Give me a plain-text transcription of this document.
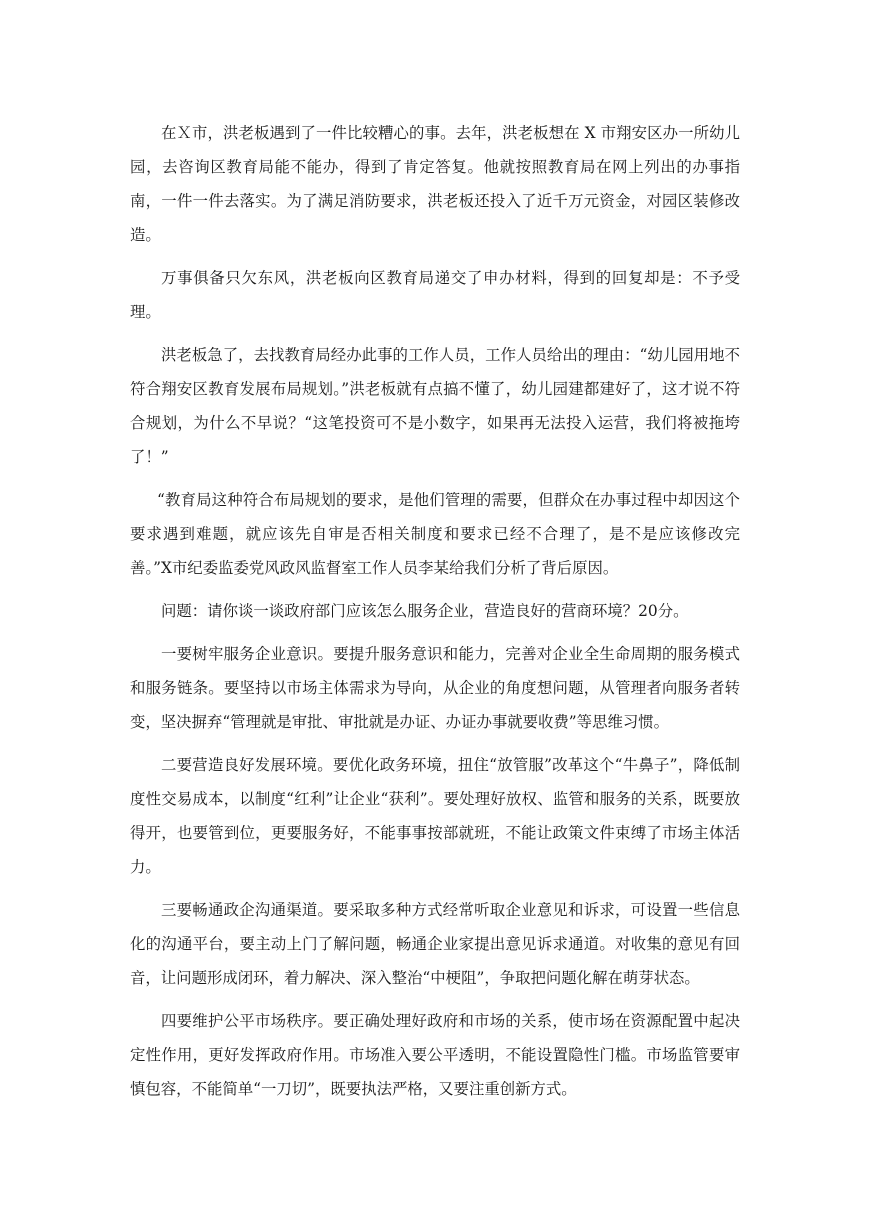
在Ｘ市，洪老板遇到了一件比较糟心的事。去年，洪老板想在 X 市翔安区办一所幼儿园，去咨询区教育局能不能办，得到了肯定答复。他就按照教育局在网上列出的办事指南，一件一件去落实。为了满足消防要求，洪老板还投入了近千万元资金，对园区装修改造。

万事俱备只欠东风，洪老板向区教育局递交了申办材料，得到的回复却是：不予受理。

洪老板急了，去找教育局经办此事的工作人员，工作人员给出的理由：“幼儿园用地不符合翔安区教育发展布局规划。”洪老板就有点搞不懂了，幼儿园建都建好了，这才说不符合规划，为什么不早说？“这笔投资可不是小数字，如果再无法投入运营，我们将被拖垮了！”

“教育局这种符合布局规划的要求，是他们管理的需要，但群众在办事过程中却因这个要求遇到难题，就应该先自审是否相关制度和要求已经不合理了，是不是应该修改完善。”X市纪委监委党风政风监督室工作人员李某给我们分析了背后原因。

问题：请你谈一谈政府部门应该怎么服务企业，营造良好的营商环境？20分。

一要树牢服务企业意识。要提升服务意识和能力，完善对企业全生命周期的服务模式和服务链条。要坚持以市场主体需求为导向，从企业的角度想问题，从管理者向服务者转变，坚决摒弃“管理就是审批、审批就是办证、办证办事就要收费”等思维习惯。

二要营造良好发展环境。要优化政务环境，扭住“放管服”改革这个“牛鼻子”，降低制度性交易成本，以制度“红利”让企业“获利”。要处理好放权、监管和服务的关系，既要放得开，也要管到位，更要服务好，不能事事按部就班，不能让政策文件束缚了市场主体活力。

三要畅通政企沟通渠道。要采取多种方式经常听取企业意见和诉求，可设置一些信息化的沟通平台，要主动上门了解问题，畅通企业家提出意见诉求通道。对收集的意见有回音，让问题形成闭环，着力解决、深入整治“中梗阻”，争取把问题化解在萌芽状态。

四要维护公平市场秩序。要正确处理好政府和市场的关系，使市场在资源配置中起决定性作用，更好发挥政府作用。市场准入要公平透明，不能设置隐性门槛。市场监管要审慎包容，不能简单“一刀切”，既要执法严格，又要注重创新方式。
